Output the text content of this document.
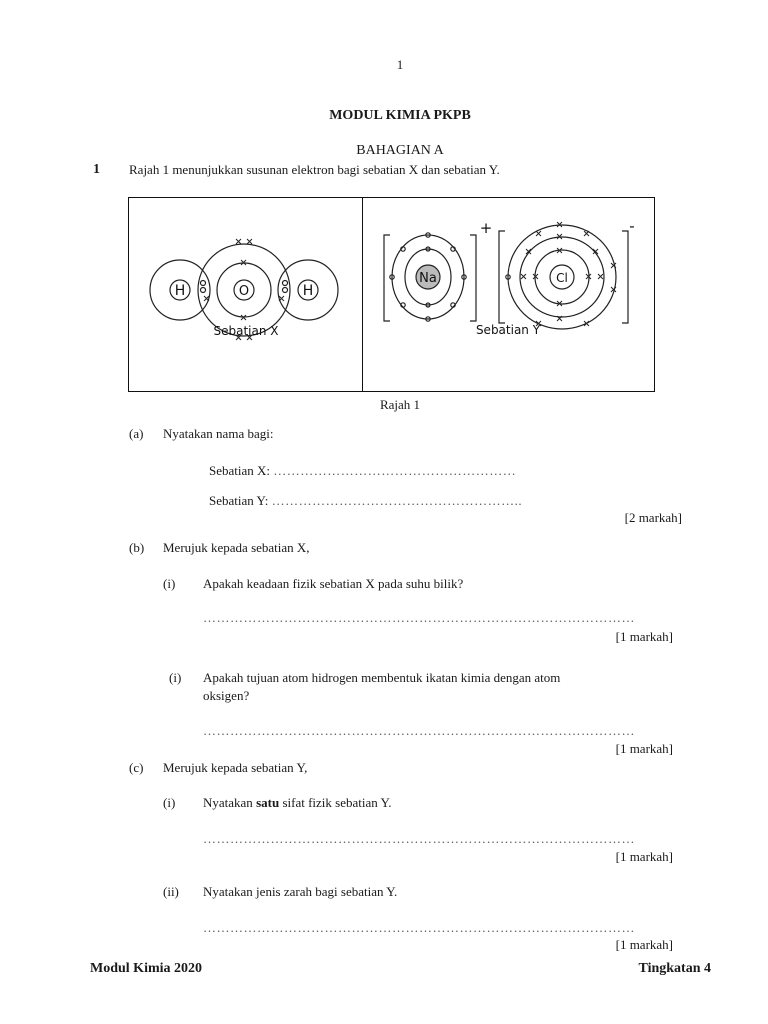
1
MODUL KIMIA PKPB
BAHAGIAN A
1 Rajah 1 menunjukkan susunan elektron bagi sebatian X dan sebatian Y.
H	O	H
Sebatian X
Na
+
Cl
-
Sebatian Y
Rajah 1
(a) Nyatakan nama bagi:
Sebatian X: ………………………………………………
Sebatian Y: ………………………………………………..
[2 markah]
(b) Merujuk kepada sebatian X,
(i) Apakah keadaan fizik sebatian X pada suhu bilik?
……………………………………………………………………………………
[1 markah]
(i) Apakah tujuan atom hidrogen membentuk ikatan kimia dengan atom
oksigen?
……………………………………………………………………………………
[1 markah]
(c) Merujuk kepada sebatian Y,
(i) Nyatakan satu sifat fizik sebatian Y.
……………………………………………………………………………………
[1 markah]
(ii) Nyatakan jenis zarah bagi sebatian Y.
……………………………………………………………………………………
[1 markah]
Modul Kimia 2020	Tingkatan 4
